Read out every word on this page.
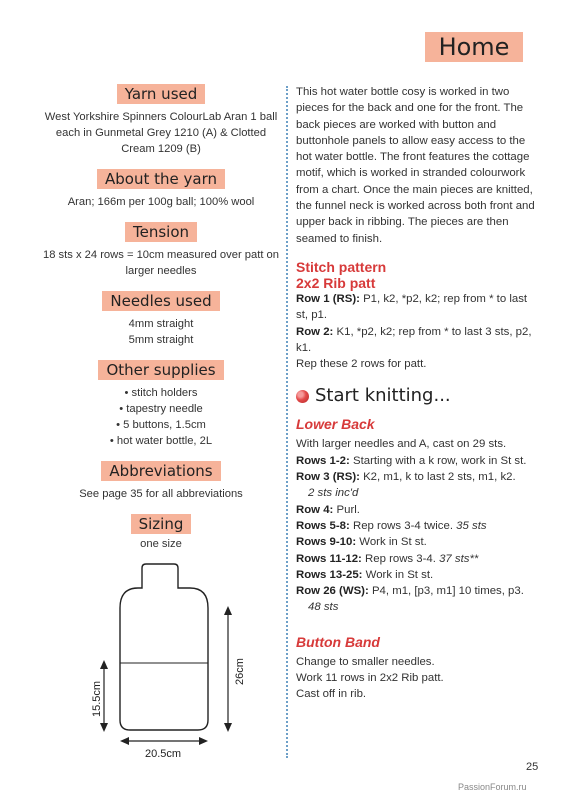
Home
Yarn used
West Yorkshire Spinners ColourLab Aran 1 ball each in Gunmetal Grey 1210 (A) & Clotted Cream 1209 (B)
About the yarn
Aran; 166m per 100g ball; 100% wool
Tension
18 sts x 24 rows = 10cm measured over patt on larger needles
Needles used
4mm straight
5mm straight
Other supplies
• stitch holders
• tapestry needle
• 5 buttons, 1.5cm
• hot water bottle, 2L
Abbreviations
See page 35 for all abbreviations
Sizing
one size
26cm
15.5cm
20.5cm

This hot water bottle cosy is worked in two pieces for the back and one for the front. The back pieces are worked with button and buttonhole panels to allow easy access to the hot water bottle. The front features the cottage motif, which is worked in stranded colourwork from a chart. Once the main pieces are knitted, the funnel neck is worked across both front and upper back in ribbing. The pieces are then seamed to finish.

Stitch pattern
2x2 Rib patt

Row 1 (RS): P1, k2, *p2, k2; rep from * to last st, p1.

Row 2: K1, *p2, k2; rep from * to last 3 sts, p2, k1.

Rep these 2 rows for patt.

Start knitting...
Lower Back

With larger needles and A, cast on 29 sts.

Rows 1-2: Starting with a k row, work in St st.

Row 3 (RS): K2, m1, k to last 2 sts, m1, k2.

2 sts inc'd

Row 4: Purl.

Rows 5-8: Rep rows 3-4 twice. 35 sts

Rows 9-10: Work in St st.

Rows 11-12: Rep rows 3-4. 37 sts**

Rows 13-25: Work in St st.

Row 26 (WS): P4, m1, [p3, m1] 10 times, p3.

48 sts

Button Band

Change to smaller needles.

Work 11 rows in 2x2 Rib patt.

Cast off in rib.

25
PassionForum.ru
